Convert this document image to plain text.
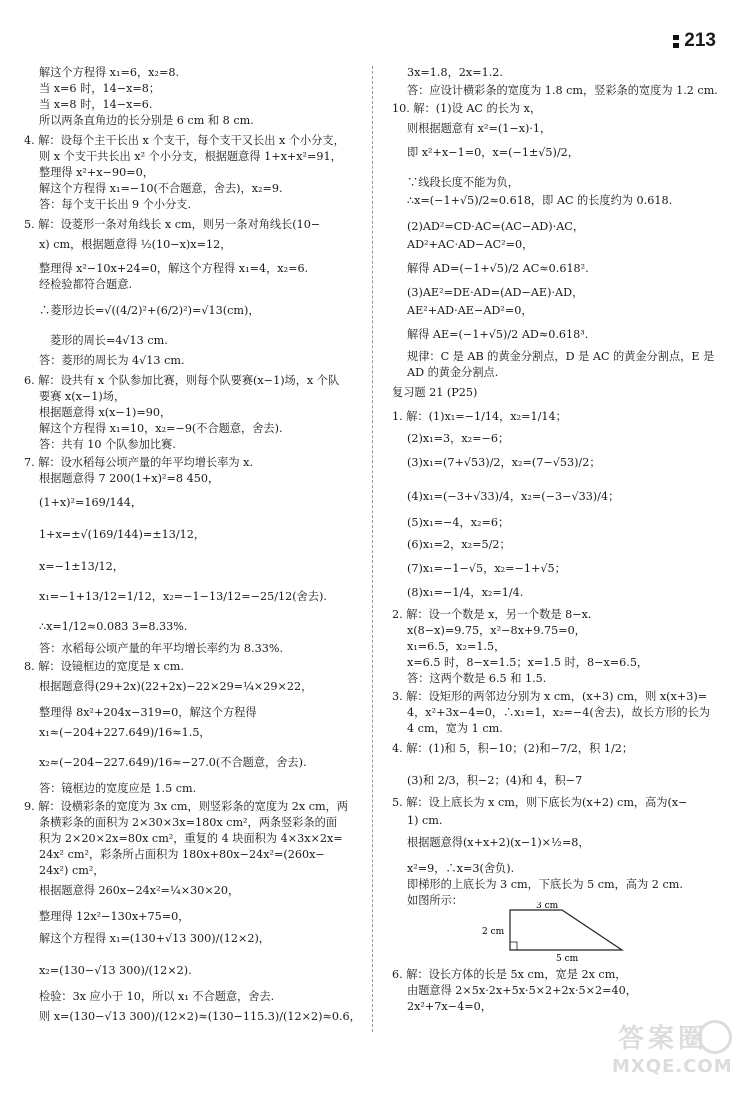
213
解这个方程得 x₁=6，x₂=8.
当 x=6 时，14−x=8；
当 x=8 时，14−x=6.
所以两条直角边的长分别是 6 cm 和 8 cm.
4. 解：设每个主干长出 x 个支干，每个支干又长出 x 个小分支，
则 x 个支干共长出 x² 个小分支，根据题意得 1+x+x²=91，
整理得 x²+x−90=0，
解这个方程得 x₁=−10(不合题意，舍去)，x₂=9.
答：每个支干长出 9 个小分支.
5. 解：设菱形一条对角线长 x cm，则另一条对角线长(10−
x) cm，根据题意得 ½(10−x)x=12，
整理得 x²−10x+24=0，解这个方程得 x₁=4，x₂=6.
经检验都符合题意.
∴菱形边长=√((4/2)²+(6/2)²)=√13(cm)，
菱形的周长=4√13 cm.
答：菱形的周长为 4√13 cm.
6. 解：设共有 x 个队参加比赛，则每个队要赛(x−1)场，x 个队
要赛 x(x−1)场，
根据题意得 x(x−1)=90，
解这个方程得 x₁=10，x₂=−9(不合题意，舍去).
答：共有 10 个队参加比赛.
7. 解：设水稻每公顷产量的年平均增长率为 x.
根据题意得 7 200(1+x)²=8 450，
(1+x)²=169/144，
1+x=±√(169/144)=±13/12，
x=−1±13/12，
x₁=−1+13/12=1/12，x₂=−1−13/12=−25/12(舍去).
∴x=1/12≈0.083 3=8.33%.
答：水稻每公顷产量的年平均增长率约为 8.33%.
8. 解：设镜框边的宽度是 x cm.
根据题意得(29+2x)(22+2x)−22×29=¼×29×22，
整理得 8x²+204x−319=0，解这个方程得
x₁≈(−204+227.649)/16≈1.5，
x₂≈(−204−227.649)/16≈−27.0(不合题意，舍去).
答：镜框边的宽度应是 1.5 cm.
9. 解：设横彩条的宽度为 3x cm，则竖彩条的宽度为 2x cm，两
条横彩条的面积为 2×30×3x=180x cm²，两条竖彩条的面
积为 2×20×2x=80x cm²，重复的 4 块面积为 4×3x×2x=
24x² cm²，彩条所占面积为 180x+80x−24x²=(260x−
24x²) cm²，
根据题意得 260x−24x²=¼×30×20，
整理得 12x²−130x+75=0，
解这个方程得 x₁=(130+√13 300)/(12×2)，
x₂=(130−√13 300)/(12×2).
检验：3x 应小于 10，所以 x₁ 不合题意，舍去.
则 x=(130−√13 300)/(12×2)≈(130−115.3)/(12×2)≈0.6，
3 cm
2 cm
5 cm
3x=1.8，2x=1.2.
答：应设计横彩条的宽度为 1.8 cm，竖彩条的宽度为 1.2 cm.
10. 解：(1)设 AC 的长为 x，
则根据题意有 x²=(1−x)·1，
即 x²+x−1=0，x=(−1±√5)/2，
∵线段长度不能为负，
∴x=(−1+√5)/2≈0.618，即 AC 的长度约为 0.618.
(2)AD²=CD·AC=(AC−AD)·AC，
AD²+AC·AD−AC²=0，
解得 AD=(−1+√5)/2 AC≈0.618².
(3)AE²=DE·AD=(AD−AE)·AD，
AE²+AD·AE−AD²=0，
解得 AE=(−1+√5)/2 AD≈0.618³.
规律：C 是 AB 的黄金分割点，D 是 AC 的黄金分割点，E 是
AD 的黄金分割点.
复习题 21 (P25)
1. 解：(1)x₁=−1/14，x₂=1/14；
(2)x₁=3，x₂=−6；
(3)x₁=(7+√53)/2，x₂=(7−√53)/2；
(4)x₁=(−3+√33)/4，x₂=(−3−√33)/4；
(5)x₁=−4，x₂=6；
(6)x₁=2，x₂=5/2；
(7)x₁=−1−√5，x₂=−1+√5；
(8)x₁=−1/4，x₂=1/4.
2. 解：设一个数是 x，另一个数是 8−x.
x(8−x)=9.75，x²−8x+9.75=0，
x₁=6.5，x₂=1.5，
x=6.5 时，8−x=1.5；x=1.5 时，8−x=6.5，
答：这两个数是 6.5 和 1.5.
3. 解：设矩形的两邻边分别为 x cm，(x+3) cm，则 x(x+3)=
4，x²+3x−4=0，∴x₁=1，x₂=−4(舍去)，故长方形的长为
4 cm，宽为 1 cm.
4. 解：(1)和 5，积−10；(2)和−7/2，积 1/2；
(3)和 2/3，积−2；(4)和 4，积−7
5. 解：设上底长为 x cm，则下底长为(x+2) cm，高为(x−
1) cm.
根据题意得(x+x+2)(x−1)×½=8，
x²=9，∴x=3(舍负).
即梯形的上底长为 3 cm，下底长为 5 cm，高为 2 cm.
如图所示：
6. 解：设长方体的长是 5x cm，宽是 2x cm，
由题意得 2×5x·2x+5x·5×2+2x·5×2=40，
2x²+7x−4=0，
答案圈
MXQE.COM
